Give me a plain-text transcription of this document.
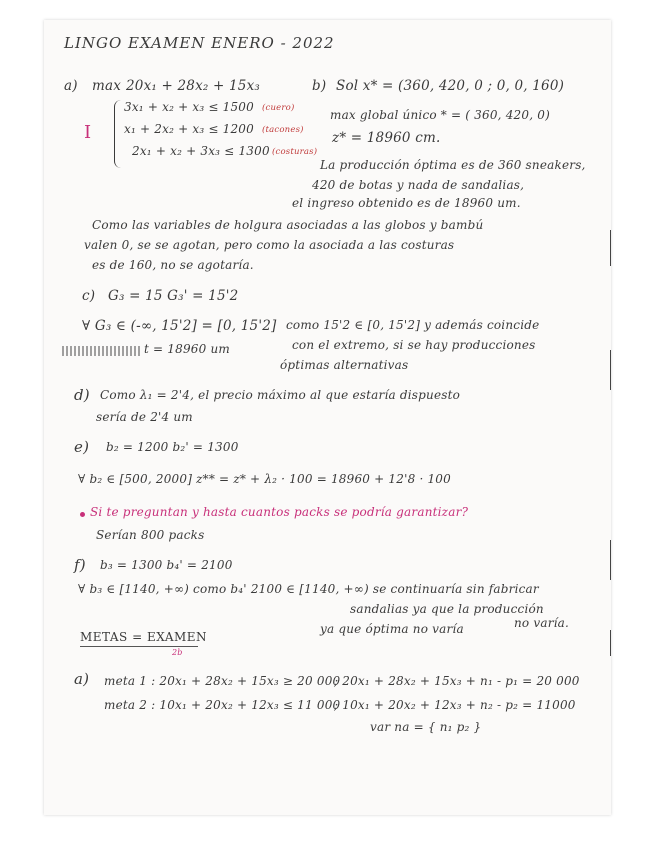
LINGO EXAMEN ENERO - 2022
a) max 20x₁ + 28x₂ + 15x₃
I
3x₁ + x₂ + x₃ ≤ 1500 (cuero)
x₁ + 2x₂ + x₃ ≤ 1200 (tacones)
2x₁ + x₂ + 3x₃ ≤ 1300 (costuras)
b) Sol x* = (360, 420, 0 ; 0, 0, 160)
max global único * = ( 360, 420, 0)
z* = 18960 cm.
La producción óptima es de 360 sneakers,
420 de botas y nada de sandalias,
el ingreso obtenido es de 18960 um.
Como las variables de holgura asociadas a las globos y bambú
valen 0, se se agotan, pero como la asociada a las costuras
es de 160, no se agotaría.
c) G₃ = 15 G₃' = 15'2
∀ G₃ ∈ (-∞, 15'2] = [0, 15'2] como 15'2 ∈ [0, 15'2] y además coincide
con el extremo, si se hay producciones
óptimas alternativas
t = 18960 um
d) Como λ₁ = 2'4, el precio máximo al que estaría dispuesto
sería de 2'4 um
e) b₂ = 1200 b₂' = 1300
∀ b₂ ∈ [500, 2000] z** = z* + λ₂ · 100 = 18960 + 12'8 · 100
Si te preguntan y hasta cuantos packs se podría garantizar?
Serían 800 packs
f) b₃ = 1300 b₄' = 2100
∀ b₃ ∈ [1140, +∞) como b₄' 2100 ∈ [1140, +∞) se continuaría sin fabricar
sandalias ya que la producción
ya que óptima no varía	no varía.
METAS = EXAMEN
2b
a) meta 1 : 20x₁ + 28x₂ + 15x₃ ≥ 20 000
; 20x₁ + 28x₂ + 15x₃ + n₁ - p₁ = 20 000
meta 2 : 10x₁ + 20x₂ + 12x₃ ≤ 11 000
; 10x₁ + 20x₂ + 12x₃ + n₂ - p₂ = 11000
var na = { n₁ p₂ }
